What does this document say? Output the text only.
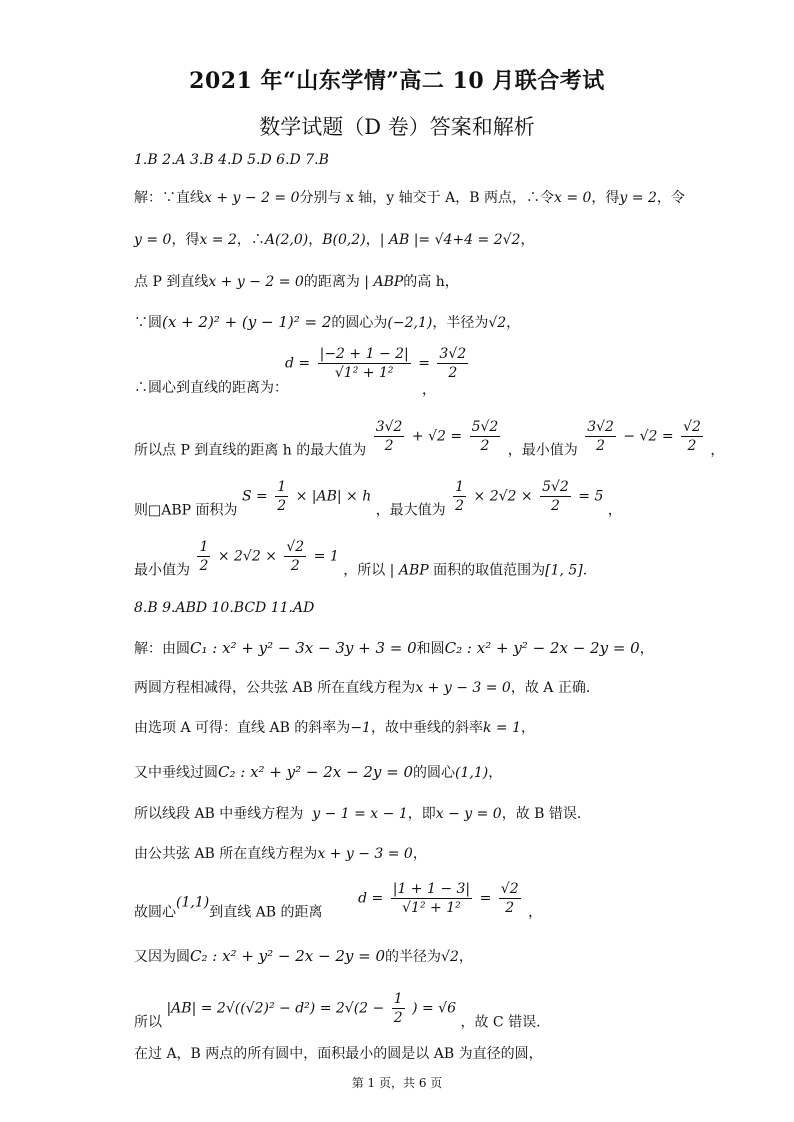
2021 年“山东学情”高二 10 月联合考试
数学试题（D 卷）答案和解析
1.B 2.A 3.B 4.D 5.D 6.D 7.B
解：∵直线x + y − 2 = 0分别与 x 轴，y 轴交于 A，B 两点，∴令x = 0，得y = 2，令
y = 0，得x = 2，∴A(2,0)，B(0,2)，| AB |= √4+4 = 2√2，
点 P 到直线x + y − 2 = 0的距离为 | ABP的高 h，
∵圆(x + 2)² + (y − 1)² = 2的圆心为(−2,1)，半径为√2，
$d = \frac{|-2 + 1 - 2|}{\text{√1² + 1²}} = \frac{3√2}{2}$
∴圆心到直线的距离为：	，
所以点 P 到直线的距离 h 的最大值为 $\frac{3√2}{2} + √2 = \frac{5√2}{2}$ ，最小值为 $\frac{3√2}{2} - √2 = \frac{√2}{2}$ ，
则□ABP 面积为 $S = \frac{1}{2} \times |AB| \times h$ ，最大值为 $\frac{1}{2} \times 2√2 \times \frac{5√2}{2} = 5$ ，
最小值为 $\frac{1}{2} \times 2√2 \times \frac{√2}{2} = 1$ ，所以 | ABP 面积的取值范围为[1, 5].
8.B 9.ABD 10.BCD 11.AD
解：由圆C₁ : x² + y² − 3x − 3y + 3 = 0和圆C₂ : x² + y² − 2x − 2y = 0，
两圆方程相减得，公共弦 AB 所在直线方程为x + y − 3 = 0，故 A 正确.
由选项 A 可得：直线 AB 的斜率为−1，故中垂线的斜率k = 1，
又中垂线过圆C₂ : x² + y² − 2x − 2y = 0的圆心(1,1)，
所以线段 AB 中垂线方程为 y − 1 = x − 1，即x − y = 0，故 B 错误.
由公共弦 AB 所在直线方程为x + y − 3 = 0，
故圆心(1,1)到直线 AB 的距离        $d = \frac{|1 + 1 - 3|}{\text{√1² + 1²}} = \frac{√2}{2}$ ，
又因为圆C₂ : x² + y² − 2x − 2y = 0的半径为√2，
所以 $|AB| = 2√((√2)^2 - d^2) = 2√(2 - \frac{1}{2}$ ) = √6 ，故 C 错误.
在过 A，B 两点的所有圆中，面积最小的圆是以 AB 为直径的圆，
第 1 页，共 6 页
